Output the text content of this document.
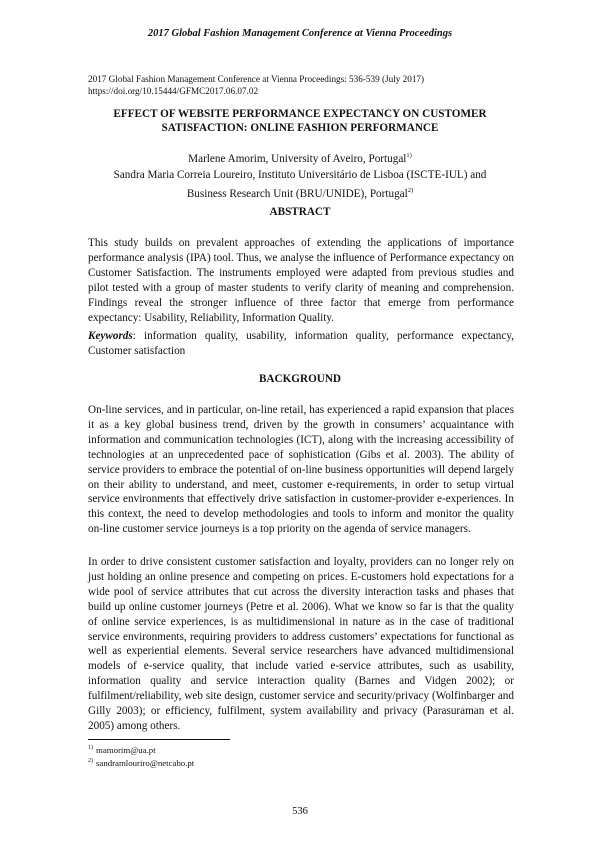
2017 Global Fashion Management Conference at Vienna Proceedings
2017 Global Fashion Management Conference at Vienna Proceedings: 536-539 (July 2017)
https://doi.org/10.15444/GFMC2017.06.07.02
EFFECT OF WEBSITE PERFORMANCE EXPECTANCY ON CUSTOMER
SATISFACTION: ONLINE FASHION PERFORMANCE
Marlene Amorim, University of Aveiro, Portugal$^{1)}$
Sandra Maria Correia Loureiro, Instituto Universitário de Lisboa (ISCTE-IUL) and
Business Research Unit (BRU/UNIDE), Portugal$^{2)}$
ABSTRACT

This study builds on prevalent approaches of extending the applications of importance performance analysis (IPA) tool. Thus, we analyse the influence of Performance expectancy on Customer Satisfaction. The instruments employed were adapted from previous studies and pilot tested with a group of master students to verify clarity of meaning and comprehension. Findings reveal the stronger influence of three factor that emerge from performance expectancy: Usability, Reliability, Information Quality.

Keywords: information quality, usability, information quality, performance expectancy, Customer satisfaction

BACKGROUND

On-line services, and in particular, on-line retail, has experienced a rapid expansion that places it as a key global business trend, driven by the growth in consumers’ acquaintance with information and communication technologies (ICT), along with the increasing accessibility of technologies at an unprecedented pace of sophistication (Gibs et al. 2003). The ability of service providers to embrace the potential of on-line business opportunities will depend largely on their ability to understand, and meet, customer e-requirements, in order to setup virtual service environments that effectively drive satisfaction in customer-provider e-experiences. In this context, the need to develop methodologies and tools to inform and monitor the quality on-line customer service journeys is a top priority on the agenda of service managers.

In order to drive consistent customer satisfaction and loyalty, providers can no longer rely on just holding an online presence and competing on prices. E-customers hold expectations for a wide pool of service attributes that cut across the diversity interaction tasks and phases that build up online customer journeys (Petre et al. 2006). What we know so far is that the quality of online service experiences, is as multidimensional in nature as in the case of traditional service environments, requiring providers to address customers’ expectations for functional as well as experiential elements. Several service researchers have advanced multidimensional models of e-service quality, that include varied e-service attributes, such as usability, information quality and service interaction quality (Barnes and Vidgen 2002); or fulfilment/reliability, web site design, customer service and security/privacy (Wolfinbarger and Gilly 2003); or efficiency, fulfilment, system availability and privacy (Parasuraman et al. 2005) among others.

$^{1)}$ mamorim@ua.pt
$^{2)}$ sandramlouriro@netcabo.pt
536
